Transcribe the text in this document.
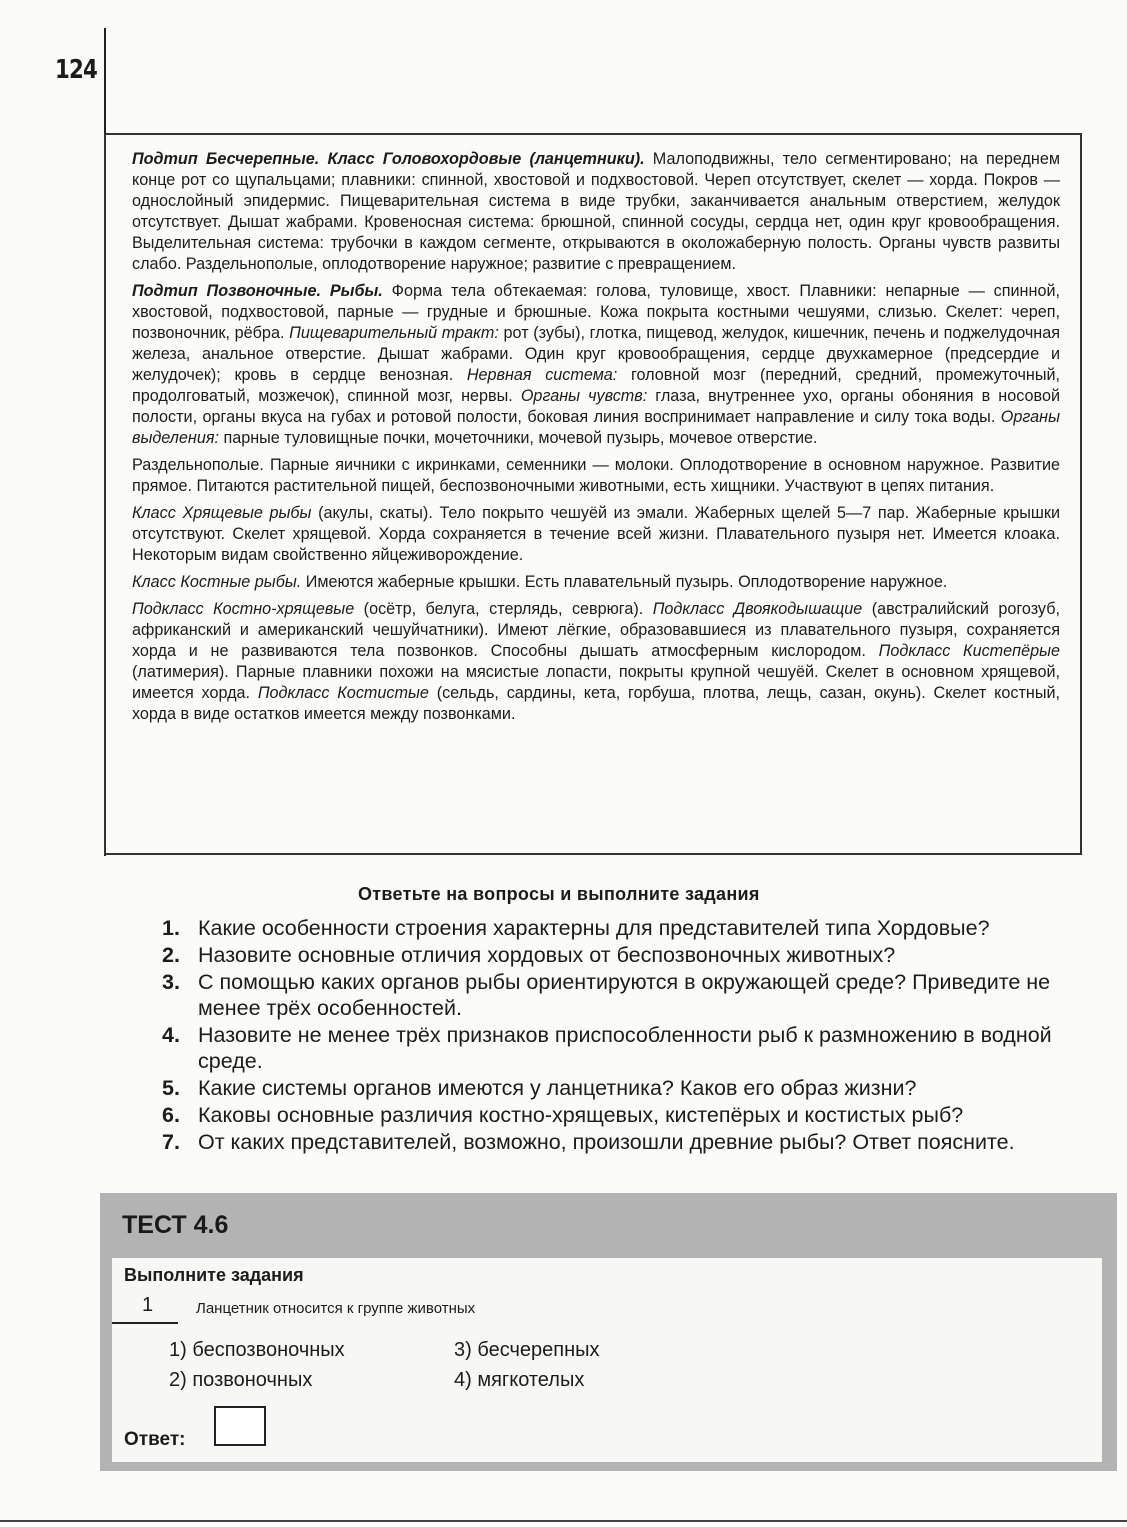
124

Подтип Бесчерепные. Класс Головохордовые (ланцетники). Малоподвижны, тело сегментировано; на переднем конце рот со щупальцами; плавники: спинной, хвостовой и подхвостовой. Череп отсутствует, скелет — хорда. Покров — однослойный эпидермис. Пищеварительная система в виде трубки, заканчивается анальным отверстием, желудок отсутствует. Дышат жабрами. Кровеносная система: брюшной, спинной сосуды, сердца нет, один круг кровообращения. Выделительная система: трубочки в каждом сегменте, открываются в околожаберную полость. Органы чувств развиты слабо. Раздельнополые, оплодотворение наружное; развитие с превращением.

Подтип Позвоночные. Рыбы. Форма тела обтекаемая: голова, туловище, хвост. Плавники: непарные — спинной, хвостовой, подхвостовой, парные — грудные и брюшные. Кожа покрыта костными чешуями, слизью. Скелет: череп, позвоночник, рёбра. Пищеварительный тракт: рот (зубы), глотка, пищевод, желудок, кишечник, печень и поджелудочная железа, анальное отверстие. Дышат жабрами. Один круг кровообращения, сердце двухкамерное (предсердие и желудочек); кровь в сердце венозная. Нервная система: головной мозг (передний, средний, промежуточный, продолговатый, мозжечок), спинной мозг, нервы. Органы чувств: глаза, внутреннее ухо, органы обоняния в носовой полости, органы вкуса на губах и ротовой полости, боковая линия воспринимает направление и силу тока воды. Органы выделения: парные туловищные почки, мочеточники, мочевой пузырь, мочевое отверстие.

Раздельнополые. Парные яичники с икринками, семенники — молоки. Оплодотворение в основном наружное. Развитие прямое. Питаются растительной пищей, беспозвоночными животными, есть хищники. Участвуют в цепях питания.

Класс Хрящевые рыбы (акулы, скаты). Тело покрыто чешуёй из эмали. Жаберных щелей 5—7 пар. Жаберные крышки отсутствуют. Скелет хрящевой. Хорда сохраняется в течение всей жизни. Плавательного пузыря нет. Имеется клоака. Некоторым видам свойственно яйцеживорождение.

Класс Костные рыбы. Имеются жаберные крышки. Есть плавательный пузырь. Оплодотворение наружное.

Подкласс Костно-хрящевые (осётр, белуга, стерлядь, севрюга). Подкласс Двоякодышащие (австралийский рогозуб, африканский и американский чешуйчатники). Имеют лёгкие, образовавшиеся из плавательного пузыря, сохраняется хорда и не развиваются тела позвонков. Способны дышать атмосферным кислородом. Подкласс Кистепёрые (латимерия). Парные плавники похожи на мясистые лопасти, покрыты крупной чешуёй. Скелет в основном хрящевой, имеется хорда. Подкласс Костистые (сельдь, сардины, кета, горбуша, плотва, лещь, сазан, окунь). Скелет костный, хорда в виде остатков имеется между позвонками.

Ответьте на вопросы и выполните задания
1. Какие особенности строения характерны для представителей типа Хордовые?
2. Назовите основные отличия хордовых от беспозвоночных животных?
3. С помощью каких органов рыбы ориентируются в окружающей среде? Приведите не менее трёх особенностей.
4. Назовите не менее трёх признаков приспособленности рыб к размножению в водной среде.
5. Какие системы органов имеются у ланцетника? Каков его образ жизни?
6. Каковы основные различия костно-хрящевых, кистепёрых и костистых рыб?
7. От каких представителей, возможно, произошли древние рыбы? Ответ поясните.
ТЕСТ 4.6
Выполните задания
1	Ланцетник относится к группе животных
1) беспозвоночных
2) позвоночных
3) бесчерепных
4) мягкотелых
Ответ:
